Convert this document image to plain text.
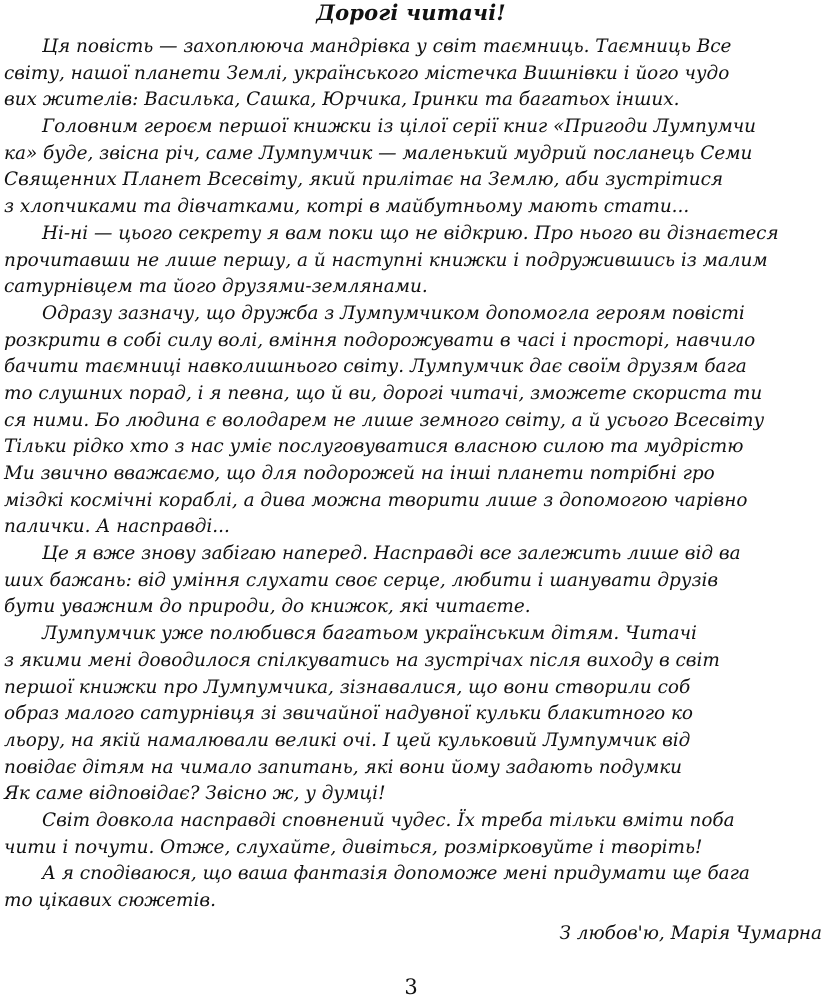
Дорогі читачі!
Ця повість — захоплююча мандрівка у світ таємниць. Таємниць Все
світу, нашої планети Землі, українського містечка Вишнівки і його чудо
вих жителів: Василька, Сашка, Юрчика, Іринки та багатьох інших.
Головним героєм першої книжки із цілої серії книг «Пригоди Лумпумчи
ка» буде, звісна річ, саме Лумпумчик — маленький мудрий посланець Семи
Священних Планет Всесвіту, який прилітає на Землю, аби зустрітися
з хлопчиками та дівчатками, котрі в майбутньому мають стати...
Ні-ні — цього секрету я вам поки що не відкрию. Про нього ви дізнаєтеся
прочитавши не лише першу, а й наступні книжки і подружившись із малим
сатурнівцем та його друзями-землянами.
Одразу зазначу, що дружба з Лумпумчиком допомогла героям повісті
розкрити в собі силу волі, вміння подорожувати в часі і просторі, навчило
бачити таємниці навколишнього світу. Лумпумчик дає своїм друзям бага
то слушних порад, і я певна, що й ви, дорогі читачі, зможете скориста ти
ся ними. Бо людина є володарем не лише земного світу, а й усього Всесвіту
Тільки рідко хто з нас уміє послуговуватися власною силою та мудрістю
Ми звично вважаємо, що для подорожей на інші планети потрібні гро
міздкі космічні кораблі, а дива можна творити лише з допомогою чарівно
палички. А насправді...
Це я вже знову забігаю наперед. Насправді все залежить лише від ва
ших бажань: від уміння слухати своє серце, любити і шанувати друзів
бути уважним до природи, до книжок, які читаєте.
Лумпумчик уже полюбився багатьом українським дітям. Читачі
з якими мені доводилося спілкуватись на зустрічах після виходу в світ
першої книжки про Лумпумчика, зізнавалися, що вони створили соб
образ малого сатурнівця зі звичайної надувної кульки блакитного ко
льору, на якій намалювали великі очі. І цей кульковий Лумпумчик від
повідає дітям на чимало запитань, які вони йому задають подумки
Як саме відповідає? Звісно ж, у думці!
Світ довкола насправді сповнений чудес. Їх треба тільки вміти поба
чити і почути. Отже, слухайте, дивіться, розмірковуйте і творіть!
А я сподіваюся, що ваша фантазія допоможе мені придумати ще бага
то цікавих сюжетів.
З любов'ю, Марія Чумарна
3
